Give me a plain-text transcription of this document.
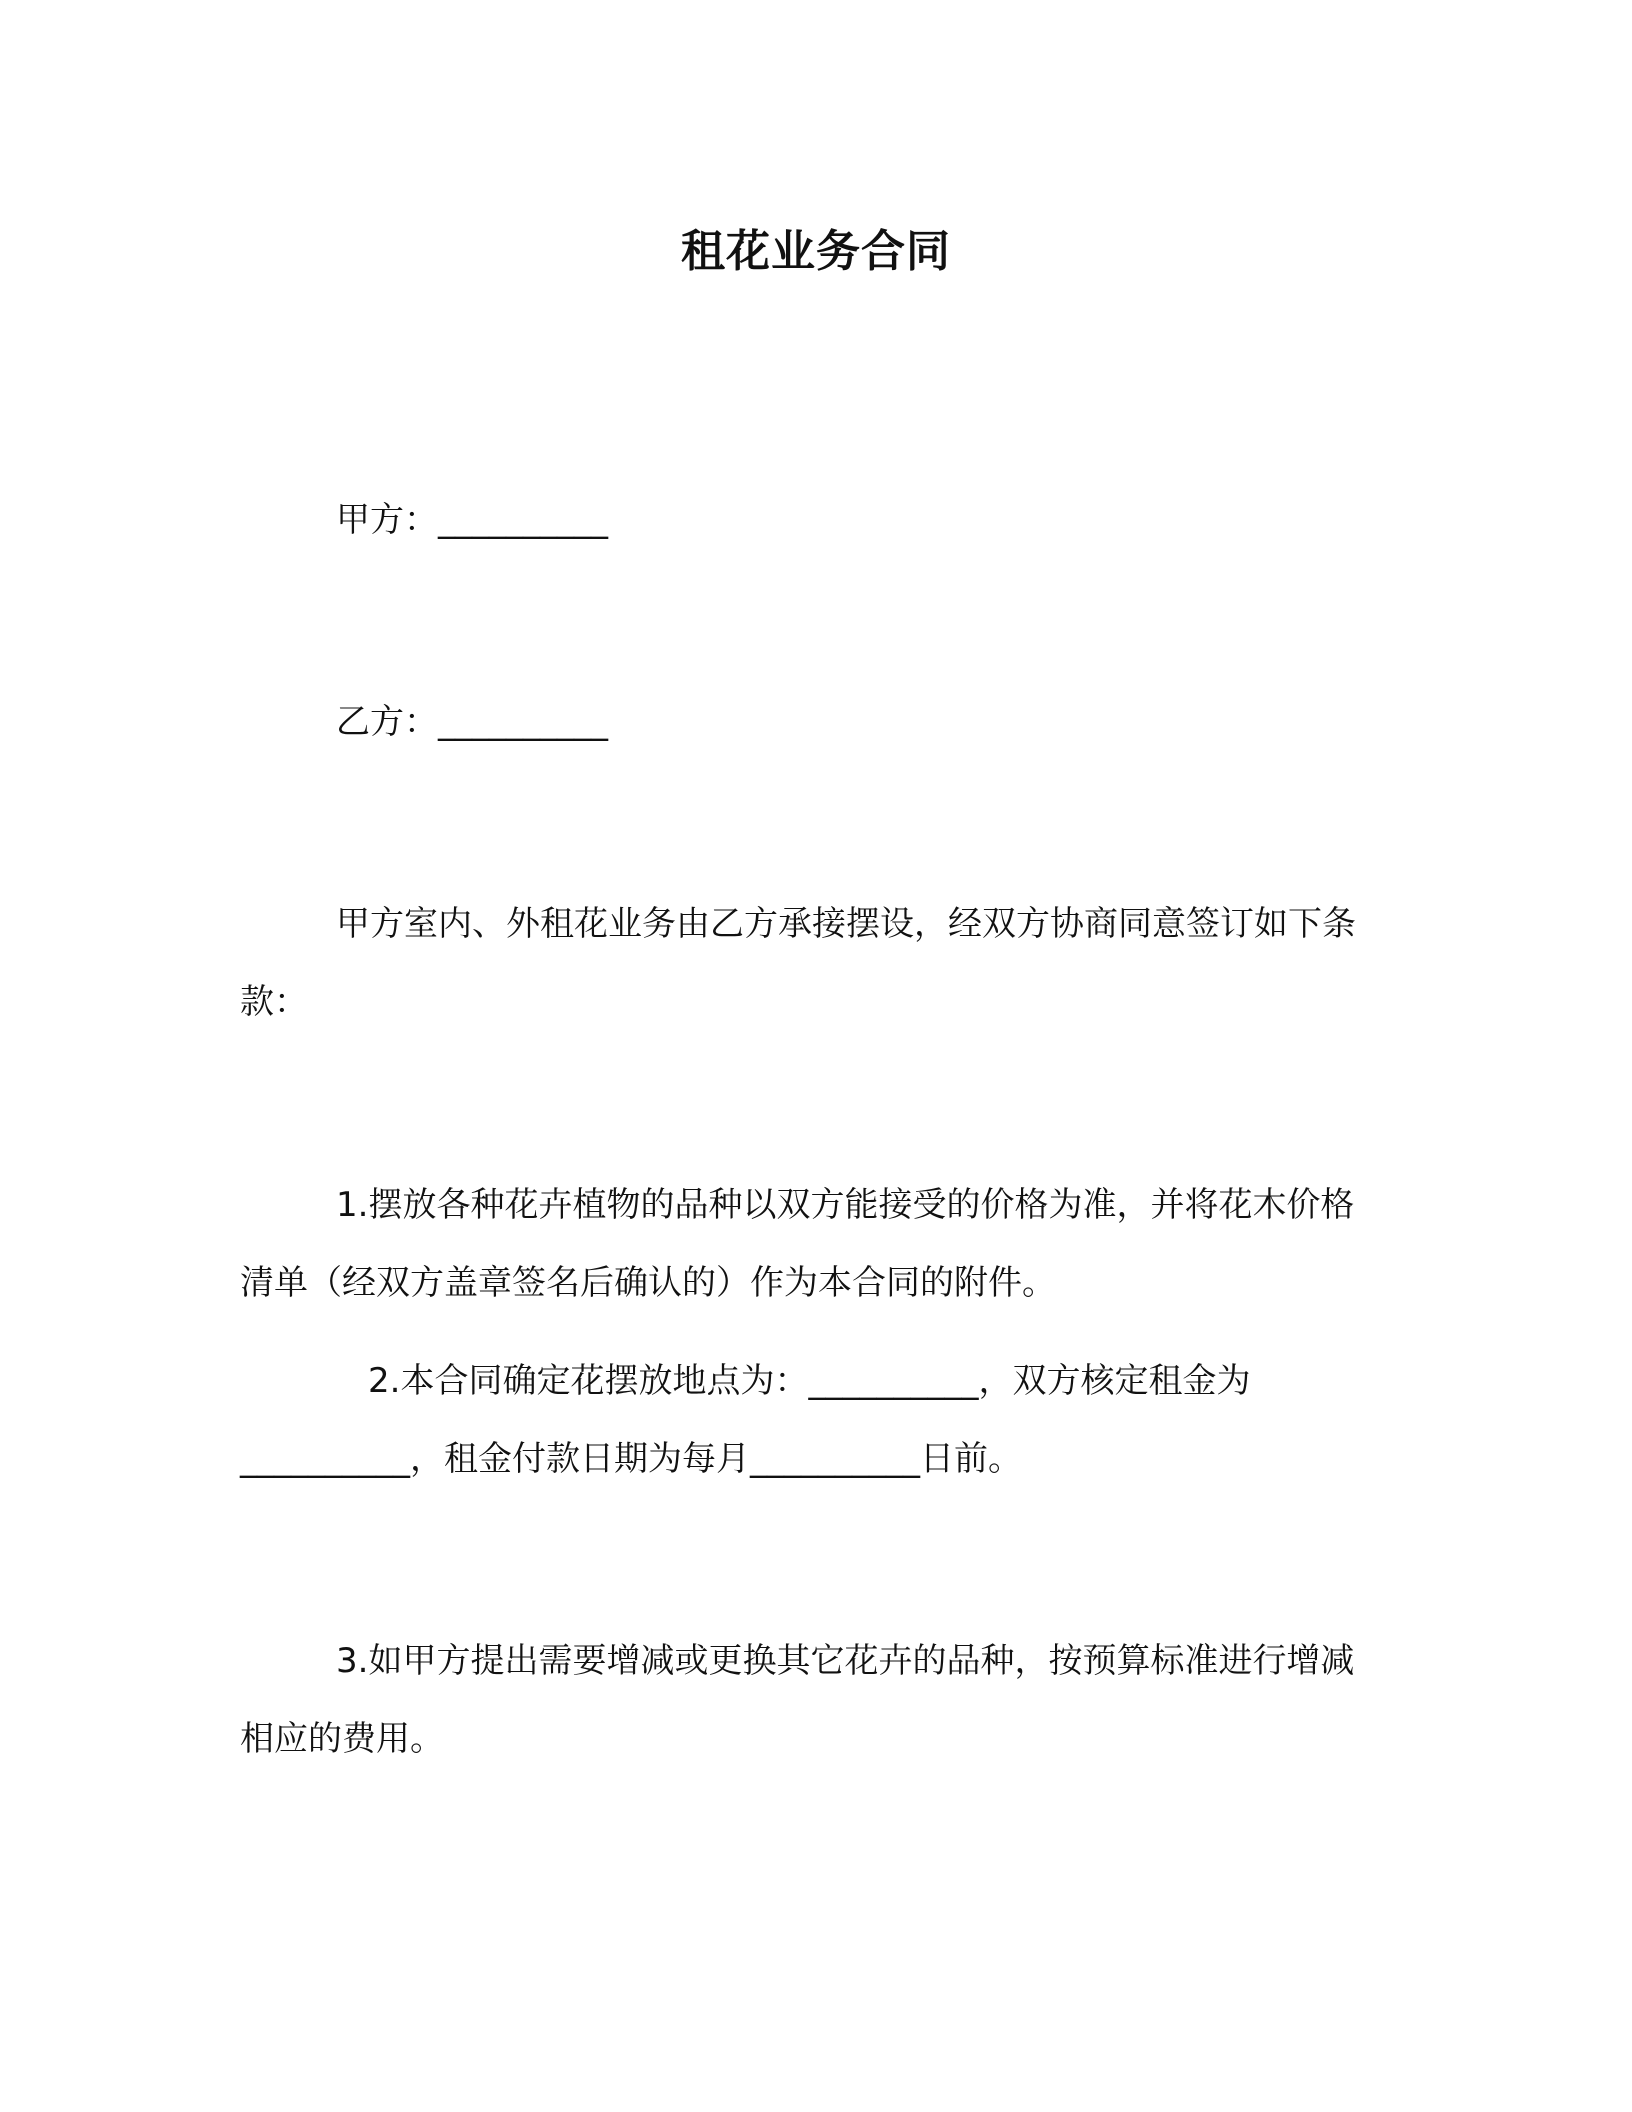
租花业务合同
甲方：__________
乙方：__________
甲方室内、外租花业务由乙方承接摆设，经双方协商同意签订如下条款：
1.摆放各种花卉植物的品种以双方能接受的价格为准，并将花木价格清单（经双方盖章签名后确认的）作为本合同的附件。
2.本合同确定花摆放地点为：__________，双方核定租金为__________，租金付款日期为每月__________日前。
3.如甲方提出需要增减或更换其它花卉的品种，按预算标准进行增减相应的费用。
